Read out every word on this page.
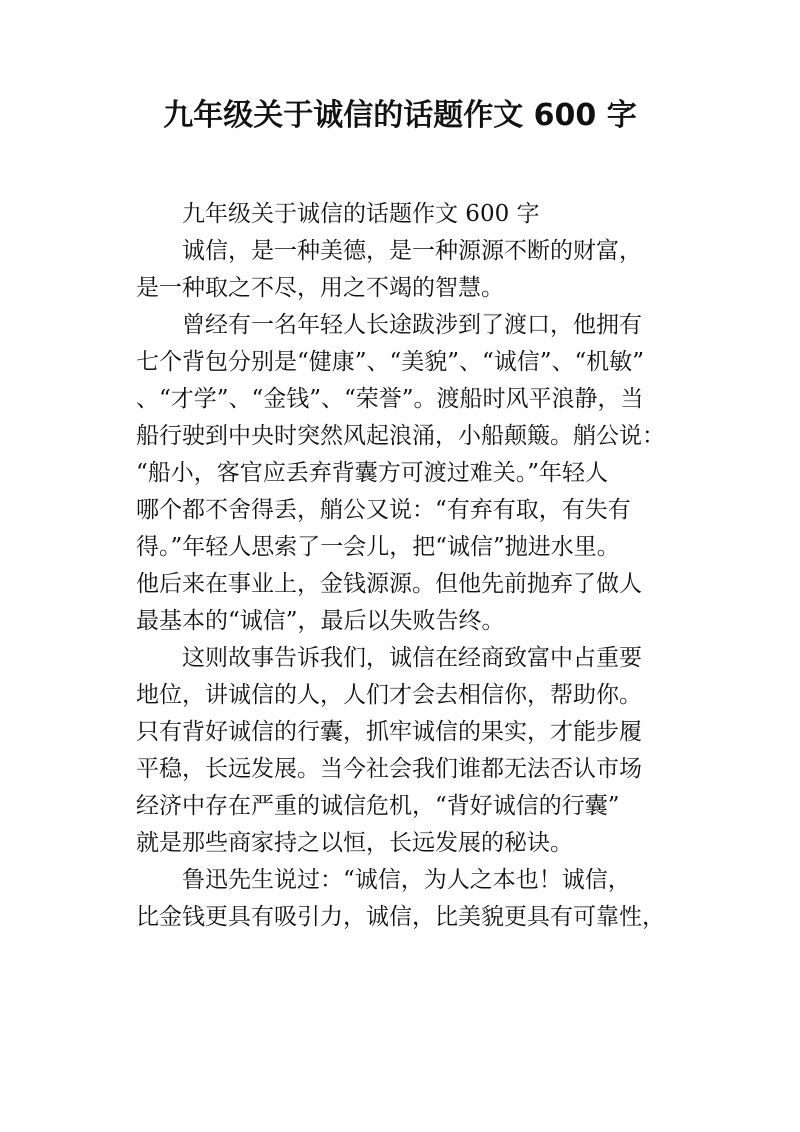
九年级关于诚信的话题作文 600 字
九年级关于诚信的话题作文 600 字
诚信，是一种美德，是一种源源不断的财富，
是一种取之不尽，用之不竭的智慧。
曾经有一名年轻人长途跋涉到了渡口，他拥有
七个背包分别是“健康”、“美貌”、“诚信”、“机敏”
、“才学”、“金钱”、“荣誉”。渡船时风平浪静，当
船行驶到中央时突然风起浪涌，小船颠簸。艄公说：
“船小，客官应丢弃背囊方可渡过难关。”年轻人
哪个都不舍得丢，艄公又说：“有弃有取，有失有
得。”年轻人思索了一会儿，把“诚信”抛进水里。
他后来在事业上，金钱源源。但他先前抛弃了做人
最基本的“诚信”，最后以失败告终。
这则故事告诉我们，诚信在经商致富中占重要
地位，讲诚信的人，人们才会去相信你，帮助你。
只有背好诚信的行囊，抓牢诚信的果实，才能步履
平稳，长远发展。当今社会我们谁都无法否认市场
经济中存在严重的诚信危机，“背好诚信的行囊”
就是那些商家持之以恒，长远发展的秘诀。
鲁迅先生说过：“诚信，为人之本也！诚信，
比金钱更具有吸引力，诚信，比美貌更具有可靠性，
